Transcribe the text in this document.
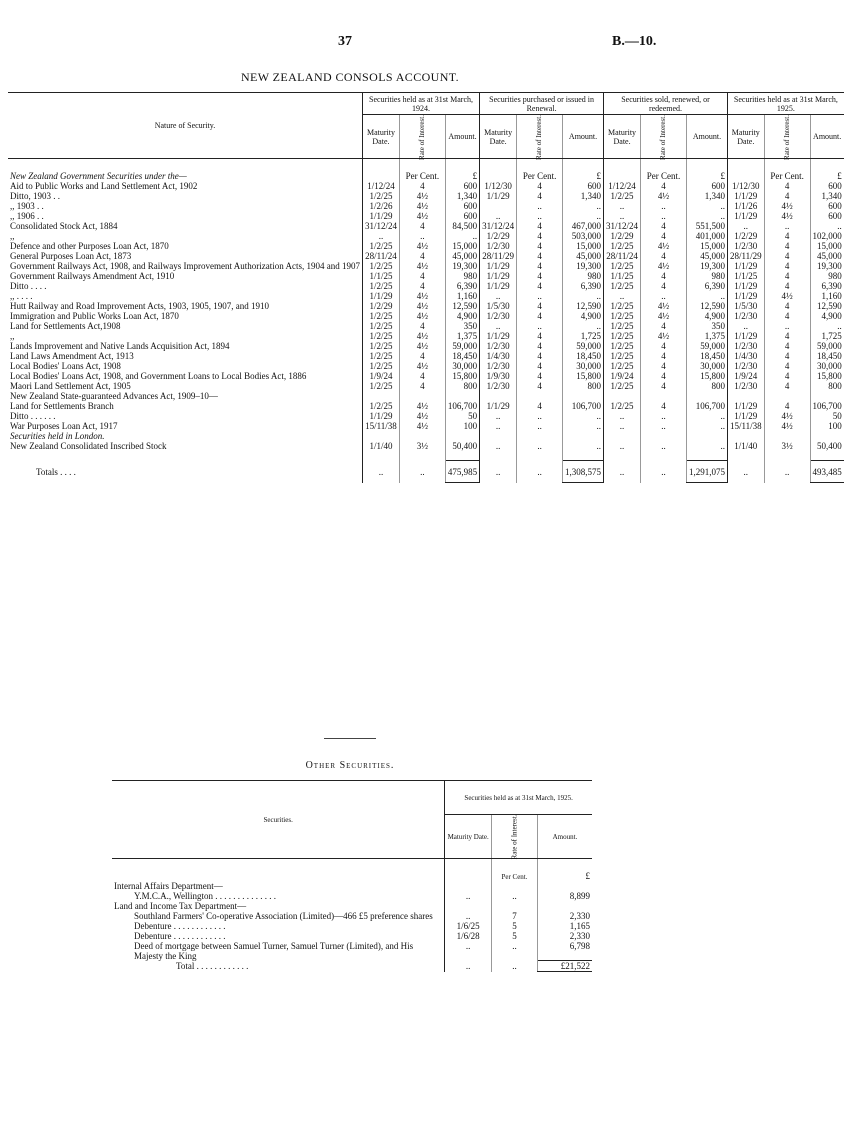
37	B.—10.
NEW ZEALAND CONSOLS ACCOUNT.
Nature of Security.	Securities held as at 31st March, 1924.			Securities purchased or issued in Renewal.			Securities sold, renewed, or redeemed.			Securities held as at 31st March, 1925.		
	Maturity Date.	Rate of Interest.	Amount.	Maturity Date.	Rate of Interest.	Amount.	Maturity Date.	Rate of Interest.	Amount.	Maturity Date.	Rate of Interest.	Amount.

New Zealand Government Securities under the—		Per Cent.	£		Per Cent.	£		Per Cent.	£		Per Cent.	£
Aid to Public Works and Land Settlement Act, 1902	1/12/24	4	600	1/12/30	4	600	1/12/24	4	600	1/12/30	4	600
Ditto, 1903 . .	1/2/25	4½	1,340	1/1/29	4	1,340	1/2/25	4½	1,340	1/1/29	4	1,340
,, 1903 . .	1/2/26	4½	600		..	..	..	..	..	1/1/26	4½	600
,, 1906 . .	1/1/29	4½	600	..	..	..	..	..	..	1/1/29	4½	600
Consolidated Stock Act, 1884	31/12/24	4	84,500	31/12/24	4	467,000	31/12/24	4	551,500	..	..	..
,,	..	..	..	1/2/29	4	503,000	1/2/29	4	401,000	1/2/29	4	102,000
Defence and other Purposes Loan Act, 1870	1/2/25	4½	15,000	1/2/30	4	15,000	1/2/25	4½	15,000	1/2/30	4	15,000
General Purposes Loan Act, 1873	28/11/24	4	45,000	28/11/29	4	45,000	28/11/24	4	45,000	28/11/29	4	45,000
Government Railways Act, 1908, and Railways Improvement Authorization Acts, 1904 and 1907	1/2/25	4½	19,300	1/1/29	4	19,300	1/2/25	4½	19,300	1/1/29	4	19,300
Government Railways Amendment Act, 1910	1/1/25	4	980	1/1/29	4	980	1/1/25	4	980	1/1/25	4	980
Ditto . . . .	1/2/25	4	6,390	1/1/29	4	6,390	1/2/25	4	6,390	1/1/29	4	6,390
,, . . . .	1/1/29	4½	1,160	..	..	..	..	..	..	1/1/29	4½	1,160
Hutt Railway and Road Improvement Acts, 1903, 1905, 1907, and 1910	1/2/29	4½	12,590	1/5/30	4	12,590	1/2/25	4½	12,590	1/5/30	4	12,590
Immigration and Public Works Loan Act, 1870	1/2/25	4½	4,900	1/2/30	4	4,900	1/2/25	4½	4,900	1/2/30	4	4,900
Land for Settlements Act,1908	1/2/25	4	350	..	..	..	1/2/25	4	350	..	..	..
,,	1/2/25	4½	1,375	1/1/29	4	1,725	1/2/25	4½	1,375	1/1/29	4	1,725
Lands Improvement and Native Lands Acquisition Act, 1894	1/2/25	4½	59,000	1/2/30	4	59,000	1/2/25	4	59,000	1/2/30	4	59,000
Land Laws Amendment Act, 1913	1/2/25	4	18,450	1/4/30	4	18,450	1/2/25	4	18,450	1/4/30	4	18,450
Local Bodies' Loans Act, 1908	1/2/25	4½	30,000	1/2/30	4	30,000	1/2/25	4	30,000	1/2/30	4	30,000
Local Bodies' Loans Act, 1908, and Government Loans to Local Bodies Act, 1886	1/9/24	4	15,800	1/9/30	4	15,800	1/9/24	4	15,800	1/9/24	4	15,800
Maori Land Settlement Act, 1905	1/2/25	4	800	1/2/30	4	800	1/2/25	4	800	1/2/30	4	800
New Zealand State-guaranteed Advances Act, 1909–10—												
Land for Settlements Branch	1/2/25	4½	106,700	1/1/29	4	106,700	1/2/25	4	106,700	1/1/29	4	106,700
Ditto . . . . . .	1/1/29	4½	50	..	..	..	..	..	..	1/1/29	4½	50
War Purposes Loan Act, 1917	15/11/38	4½	100	..	..	..	..	..	..	15/11/38	4½	100
Securities held in London.												
New Zealand Consolidated Inscribed Stock	1/1/40	3½	50,400	..	..	..	..	..	..	1/1/40	3½	50,400

Totals . . . .	..	..	475,985	..	..	1,308,575	..	..	1,291,075	..	..	493,485
Other Securities.
Securities.	Securities held as at 31st March, 1925.		
	Maturity Date.	Rate of Interest.	Amount.
		Per Cent.	£
Internal Affairs Department—			
Y.M.C.A., Wellington . . . . . . . . . . . . . .	..	..	8,899
Land and Income Tax Department—			
Southland Farmers' Co-operative Association (Limited)—466 £5 preference shares	..	7	2,330
Debenture . . . . . . . . . . . .	1/6/25	5	1,165
Debenture . . . . . . . . . . . .	1/6/28	5	2,330
Deed of mortgage between Samuel Turner, Samuel Turner (Limited), and His Majesty the King	..	..	6,798
Total . . . . . . . . . . . .	..	..	£21,522
